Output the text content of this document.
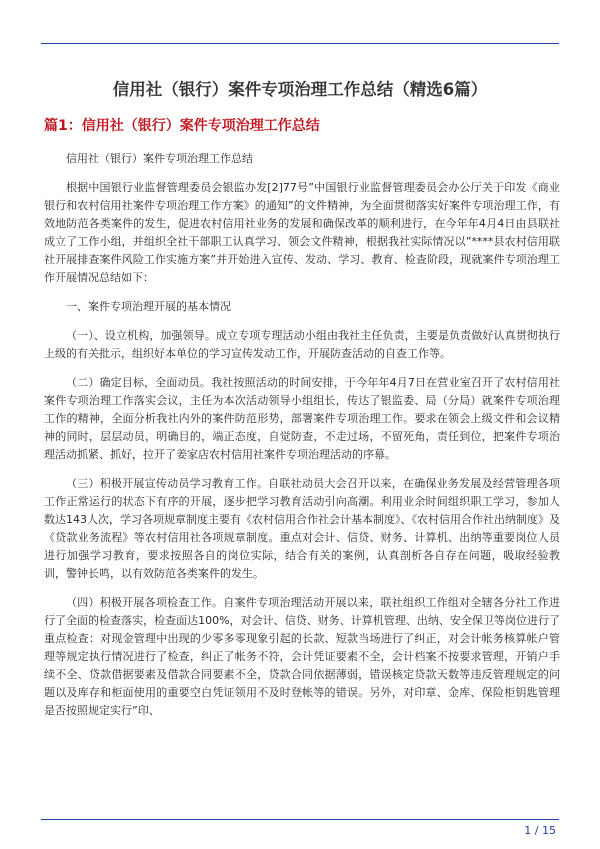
信用社（银行）案件专项治理工作总结（精选6篇）
篇1：信用社（银行）案件专项治理工作总结

信用社（银行）案件专项治理工作总结

根据中国银行业监督管理委员会银监办发[2]77号”中国银行业监督管理委员会办公厅关于印发《商业银行和农村信用社案件专项治理工作方案》的通知”的文件精神，为全面贯彻落实好案件专项治理工作，有效地防范各类案件的发生，促进农村信用社业务的发展和确保改革的顺利进行，在今年年4月4日由县联社成立了工作小组，并组织全社干部职工认真学习、领会文件精神，根据我社实际情况以”****县农村信用联社开展排查案件风险工作实施方案”并开始进入宣传、发动、学习、教育、检查阶段，现就案件专项治理工作开展情况总结如下：

一、案件专项治理开展的基本情况

（一）、设立机构，加强领导。成立专项专理活动小组由我社主任负责，主要是负责做好认真贯彻执行上级的有关批示，组织好本单位的学习宣传发动工作，开展防查活动的自查工作等。

（二）确定目标，全面动员。我社按照活动的时间安排，于今年年4月7日在营业室召开了农村信用社案件专项治理工作落实会议，主任为本次活动领导小组组长，传达了银监委、局（分局）就案件专项治理工作的精神，全面分析我社内外的案件防范形势，部署案件专项治理工作。要求在领会上级文件和会议精神的同时，层层动员，明确目的，端正态度，自觉防查，不走过场，不留死角，责任到位，把案件专项治理活动抓紧、抓好，拉开了姜家店农村信用社案件专项治理活动的序幕。

（三）积极开展宣传动员学习教育工作。自联社动员大会召开以来，在确保业务发展及经营管理各项工作正常运行的状态下有序的开展，逐步把学习教育活动引向高潮。利用业余时间组织职工学习，参加人数达143人次，学习各项规章制度主要有《农村信用合作社会计基本制度》、《农村信用合作社出纳制度》及《贷款业务流程》等农村信用社各项规章制度。重点对会计、信贷、财务、计算机、出纳等重要岗位人员进行加强学习教育，要求按照各自的岗位实际，结合有关的案例，认真剖析各自存在问题，吸取经验教训，警钟长鸣，以有效防范各类案件的发生。

（四）积极开展各项检查工作。自案件专项治理活动开展以来，联社组织工作组对全辖各分社工作进行了全面的检查落实，检查面达100%，对会计、信贷、财务、计算机管理、出纳、安全保卫等岗位进行了重点检查：对现金管理中出现的少零多零现象引起的长款、短款当场进行了纠正，对会计帐务核算帐户管理等规定执行情况进行了检查，纠正了帐务不符，会计凭证要素不全，会计档案不按要求管理，开销户手续不全、贷款借据要素及借款合同要素不全，贷款合同依据薄弱，错误核定贷款天数等违反管理规定的问题以及库存和柜面使用的重要空白凭证领用不及时登帐等的错误。另外，对印章、金库、保险柜钥匙管理是否按照规定实行”印、

1 / 15
